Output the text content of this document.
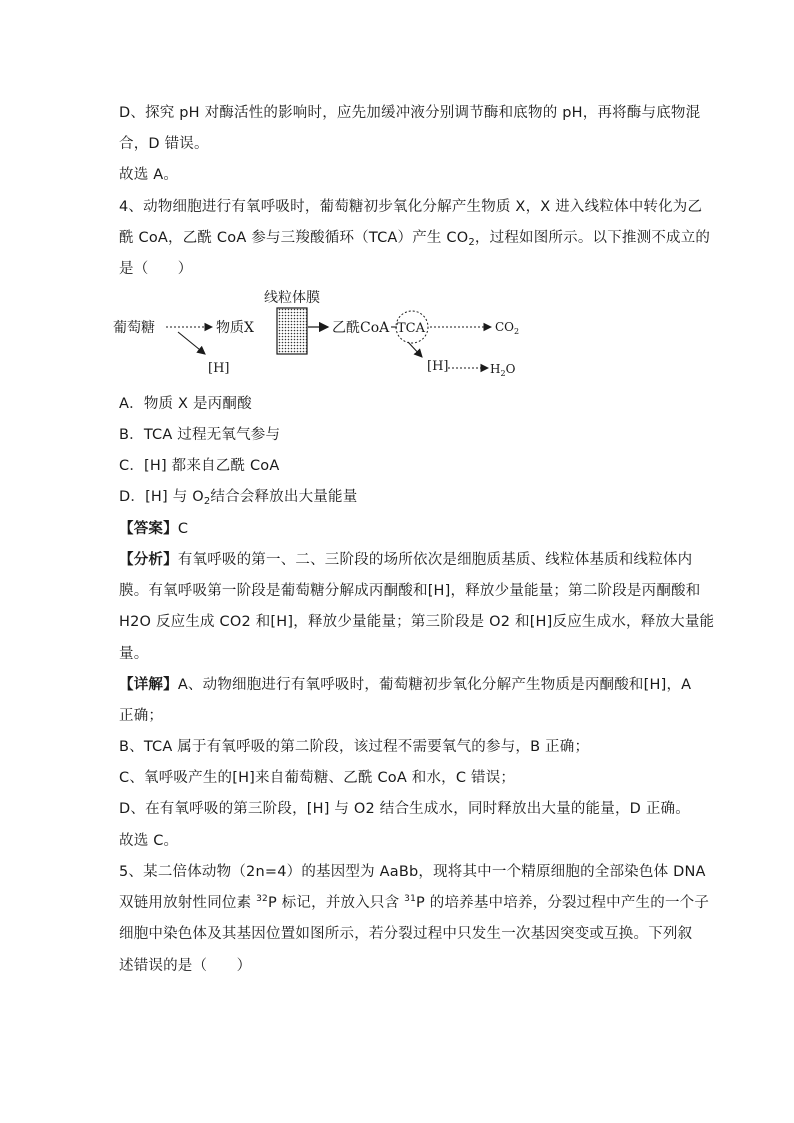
D、探究 pH 对酶活性的影响时，应先加缓冲液分别调节酶和底物的 pH，再将酶与底物混
合，D 错误。
故选 A。
4、动物细胞进行有氧呼吸时，葡萄糖初步氧化分解产生物质 X，X 进入线粒体中转化为乙
酰 CoA，乙酰 CoA 参与三羧酸循环（TCA）产生 $CO_2$，过程如图所示。以下推测不成立的
是（　　）
线粒体膜
葡萄糖	物质X
[H]
乙酰CoA TCA	$CO_2$
[H]	$H_2O$
A．物质 X 是丙酮酸
B．TCA 过程无氧气参与
C．[H] 都来自乙酰 CoA
D．[H] 与 $O_2$结合会释放出大量能量
【答案】C
【分析】有氧呼吸的第一、二、三阶段的场所依次是细胞质基质、线粒体基质和线粒体内
膜。有氧呼吸第一阶段是葡萄糖分解成丙酮酸和[H]，释放少量能量；第二阶段是丙酮酸和
H2O 反应生成 CO2 和[H]，释放少量能量；第三阶段是 O2 和[H]反应生成水，释放大量能
量。
【详解】A、动物细胞进行有氧呼吸时，葡萄糖初步氧化分解产生物质是丙酮酸和[H]，A
正确；
B、TCA 属于有氧呼吸的第二阶段，该过程不需要氧气的参与，B 正确；
C、氧呼吸产生的[H]来自葡萄糖、乙酰 CoA 和水，C 错误；
D、在有氧呼吸的第三阶段，[H] 与 O2 结合生成水，同时释放出大量的能量，D 正确。
故选 C。
5、某二倍体动物（2n=4）的基因型为 AaBb，现将其中一个精原细胞的全部染色体 DNA
双链用放射性同位素 $^{32}$P 标记，并放入只含 $^{31}$P 的培养基中培养，分裂过程中产生的一个子
细胞中染色体及其基因位置如图所示，若分裂过程中只发生一次基因突变或互换。下列叙
述错误的是（　　）
